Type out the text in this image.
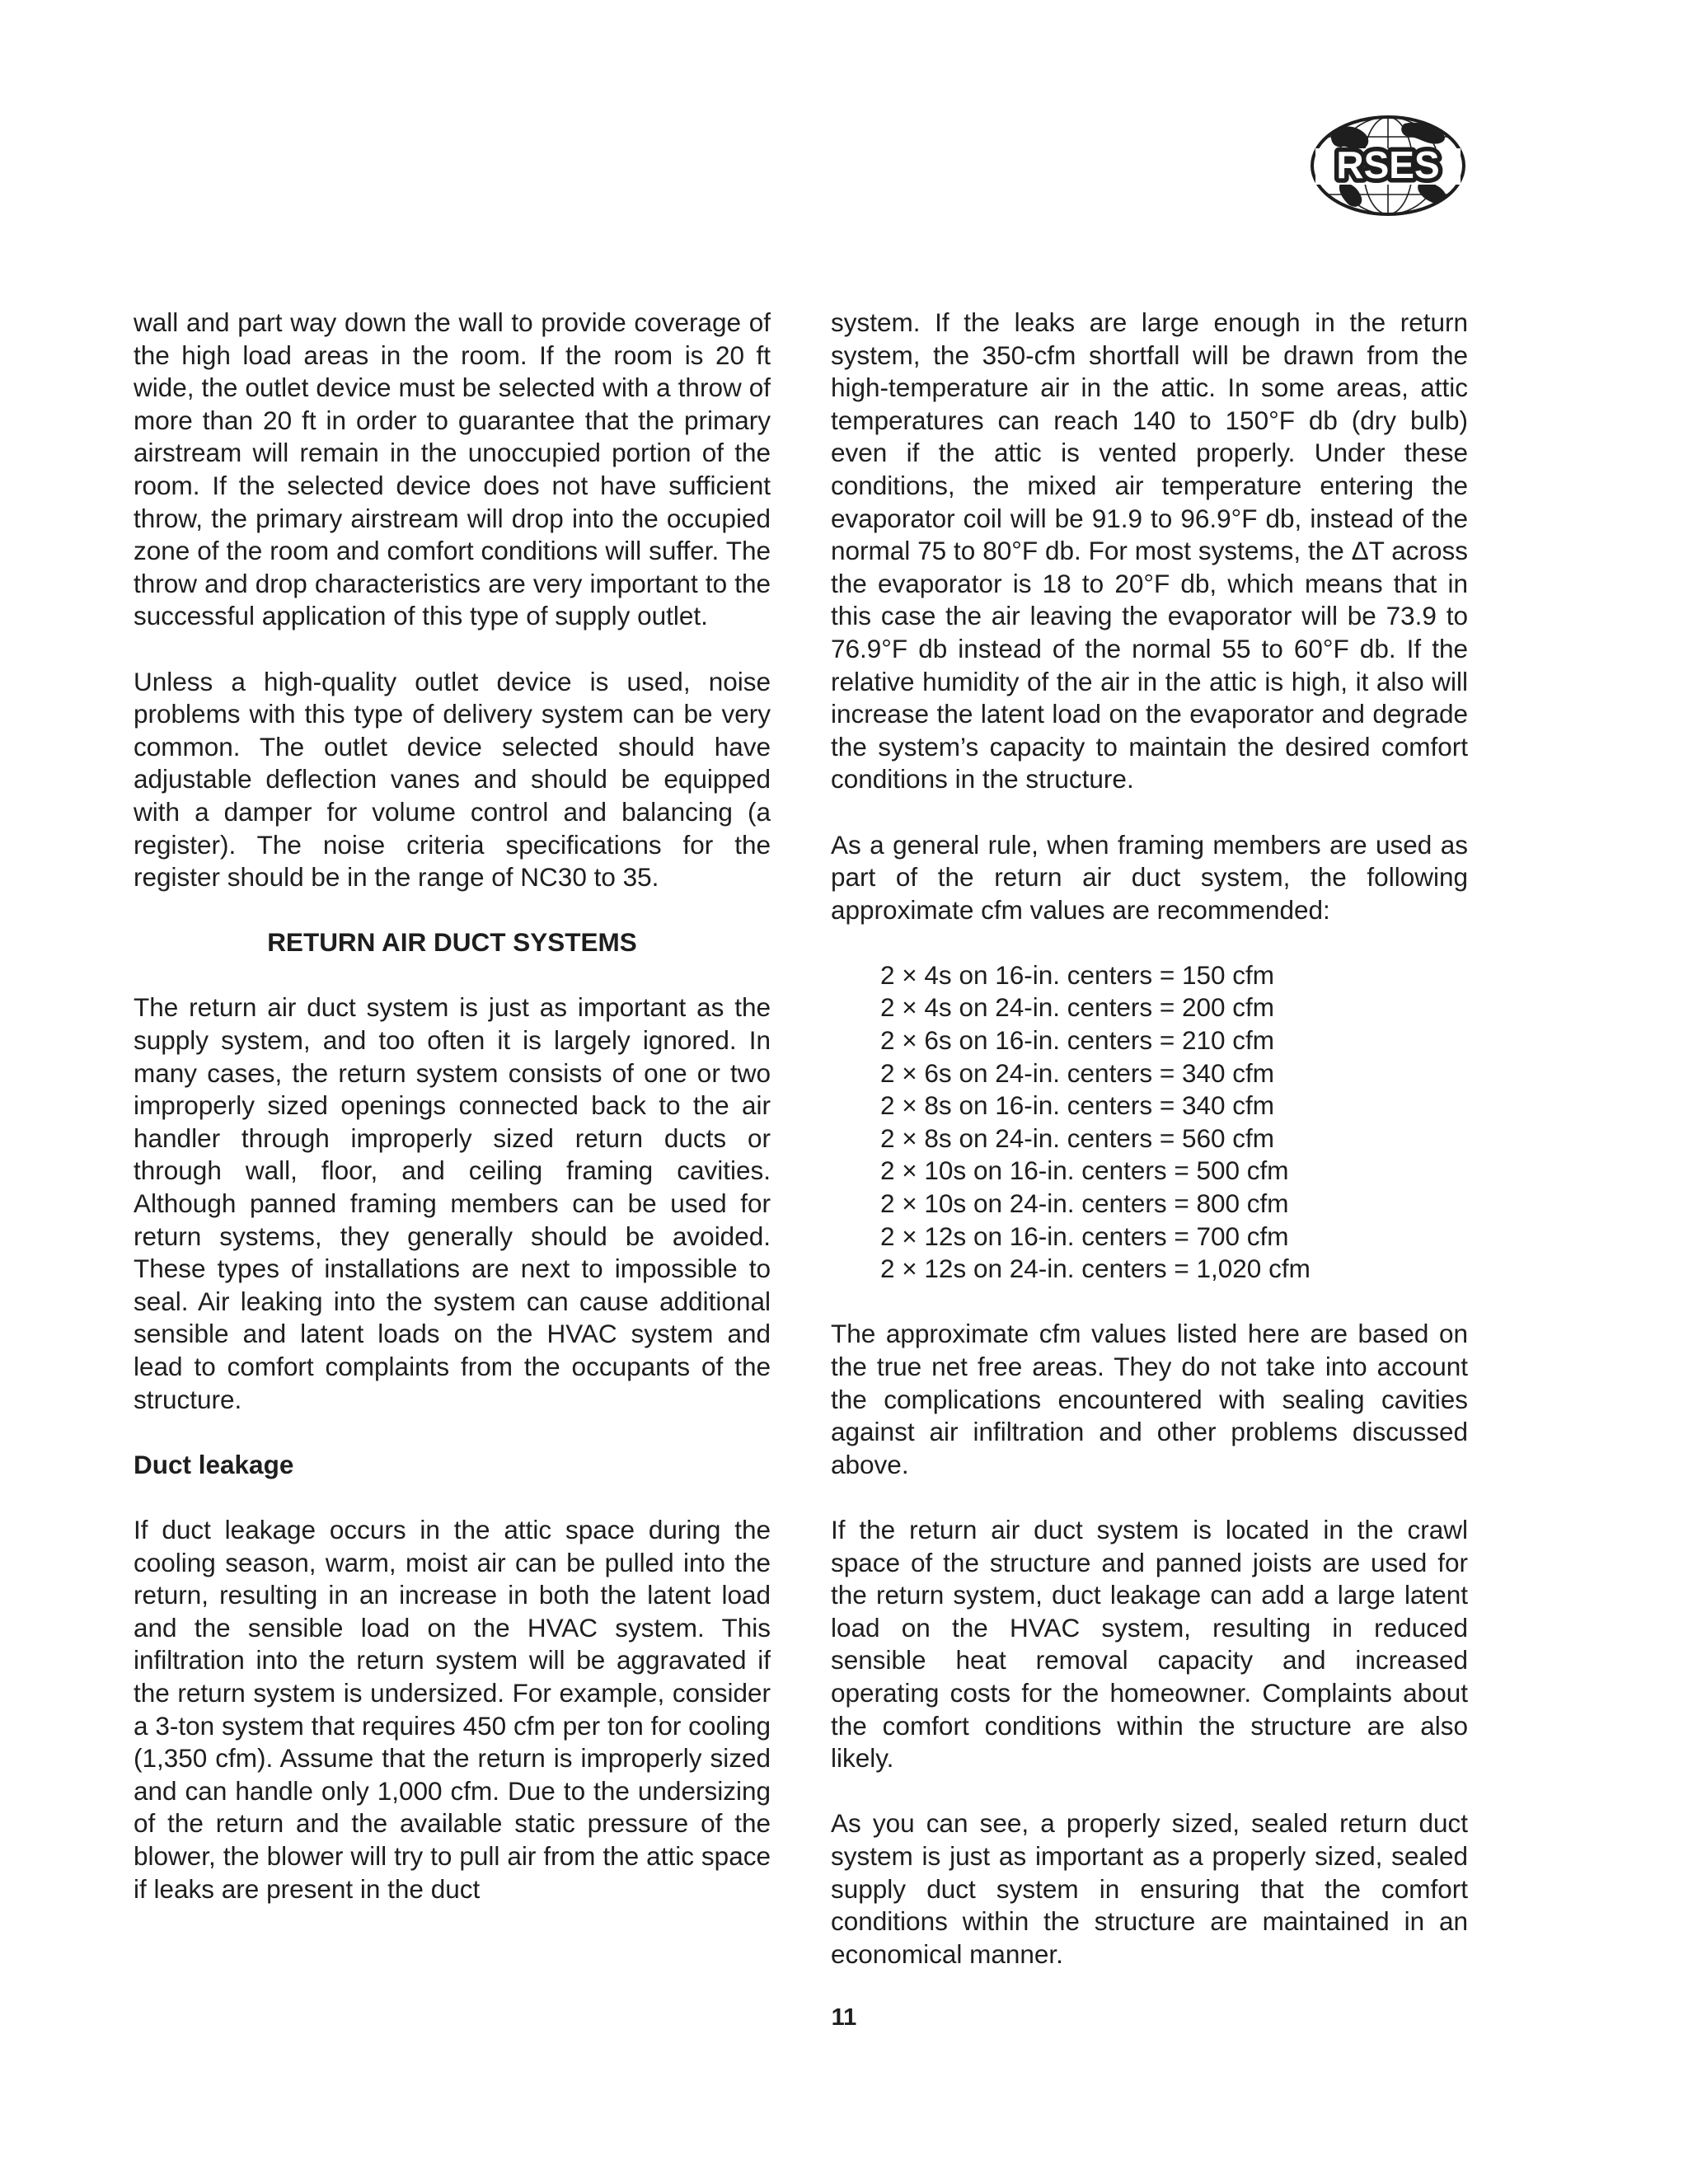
RSES

wall and part way down the wall to provide coverage of the high load areas in the room. If the room is 20 ft wide, the outlet device must be selected with a throw of more than 20 ft in order to guarantee that the primary airstream will remain in the unoccupied portion of the room. If the selected device does not have sufficient throw, the primary airstream will drop into the occupied zone of the room and comfort conditions will suffer. The throw and drop characteristics are very important to the successful application of this type of supply outlet.

Unless a high-quality outlet device is used, noise problems with this type of delivery system can be very common. The outlet device selected should have adjustable deflection vanes and should be equipped with a damper for volume control and balancing (a register). The noise criteria specifications for the register should be in the range of NC30 to 35.

RETURN AIR DUCT SYSTEMS

The return air duct system is just as important as the supply system, and too often it is largely ignored. In many cases, the return system consists of one or two improperly sized openings connected back to the air handler through improperly sized return ducts or through wall, floor, and ceiling framing cavities. Although panned framing members can be used for return systems, they generally should be avoided. These types of installations are next to impossible to seal. Air leaking into the system can cause additional sensible and latent loads on the HVAC system and lead to comfort complaints from the occupants of the structure.

Duct leakage

If duct leakage occurs in the attic space during the cooling season, warm, moist air can be pulled into the return, resulting in an increase in both the latent load and the sensible load on the HVAC system. This infiltration into the return system will be aggravated if the return system is undersized. For example, consider a 3-ton system that requires 450 cfm per ton for cooling (1,350 cfm). Assume that the return is improperly sized and can handle only 1,000 cfm. Due to the undersizing of the return and the available static pressure of the blower, the blower will try to pull air from the attic space if leaks are present in the duct

system. If the leaks are large enough in the return system, the 350-cfm shortfall will be drawn from the high-temperature air in the attic. In some areas, attic temperatures can reach 140 to 150°F db (dry bulb) even if the attic is vented properly. Under these conditions, the mixed air temperature entering the evaporator coil will be 91.9 to 96.9°F db, instead of the normal 75 to 80°F db. For most systems, the ΔT across the evaporator is 18 to 20°F db, which means that in this case the air leaving the evaporator will be 73.9 to 76.9°F db instead of the normal 55 to 60°F db. If the relative humidity of the air in the attic is high, it also will increase the latent load on the evaporator and degrade the system’s capacity to maintain the desired comfort conditions in the structure.

As a general rule, when framing members are used as part of the return air duct system, the following approximate cfm values are recommended:

2 × 4s on 16-in. centers = 150 cfm
2 × 4s on 24-in. centers = 200 cfm
2 × 6s on 16-in. centers = 210 cfm
2 × 6s on 24-in. centers = 340 cfm
2 × 8s on 16-in. centers = 340 cfm
2 × 8s on 24-in. centers = 560 cfm
2 × 10s on 16-in. centers = 500 cfm
2 × 10s on 24-in. centers = 800 cfm
2 × 12s on 16-in. centers = 700 cfm
2 × 12s on 24-in. centers = 1,020 cfm

The approximate cfm values listed here are based on the true net free areas. They do not take into account the complications encountered with sealing cavities against air infiltration and other problems discussed above.

If the return air duct system is located in the crawl space of the structure and panned joists are used for the return system, duct leakage can add a large latent load on the HVAC system, resulting in reduced sensible heat removal capacity and increased operating costs for the homeowner. Complaints about the comfort conditions within the structure are also likely.

As you can see, a properly sized, sealed return duct system is just as important as a properly sized, sealed supply duct system in ensuring that the comfort conditions within the structure are maintained in an economical manner.

11
